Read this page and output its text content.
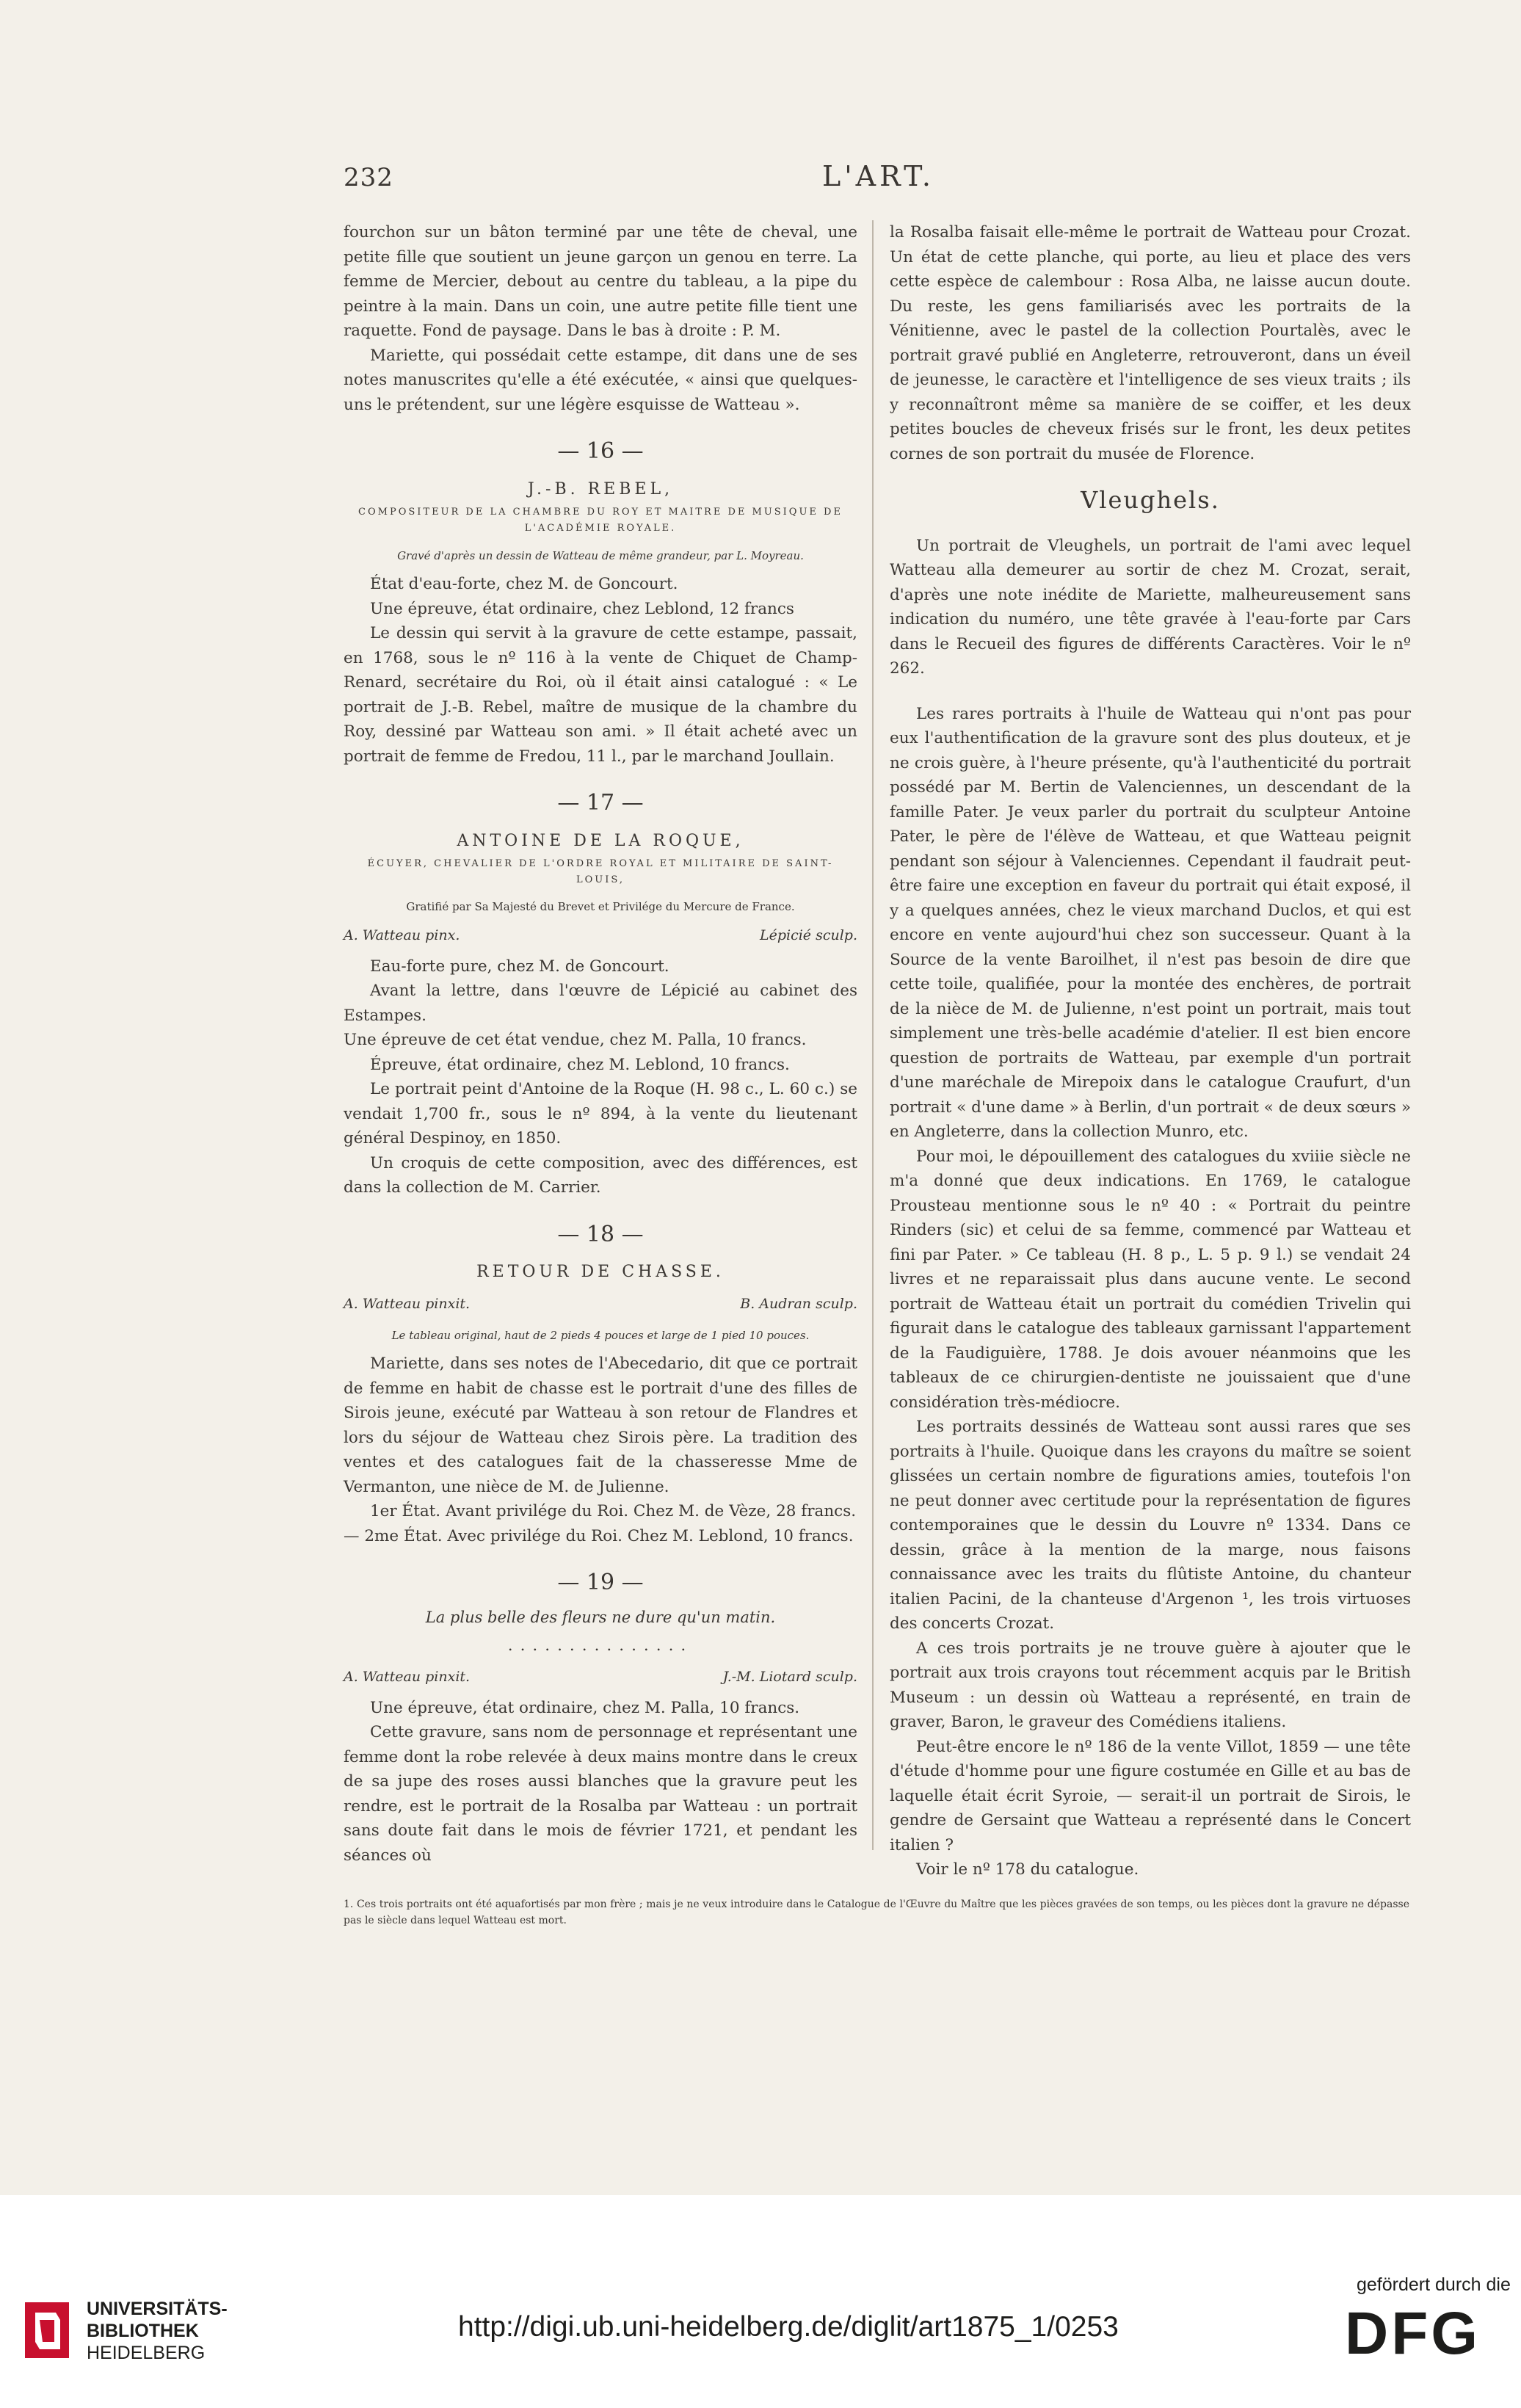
232	L'ART.

fourchon sur un bâton terminé par une tête de cheval, une petite fille que soutient un jeune garçon un genou en terre. La femme de Mercier, debout au centre du tableau, a la pipe du peintre à la main. Dans un coin, une autre petite fille tient une raquette. Fond de paysage. Dans le bas à droite : P. M.

Mariette, qui possédait cette estampe, dit dans une de ses notes manuscrites qu'elle a été exécutée, « ainsi que quelques-uns le prétendent, sur une légère esquisse de Watteau ».

— 16 —
J.-B. REBEL,
COMPOSITEUR DE LA CHAMBRE DU ROY ET MAITRE DE MUSIQUE DE L'ACADÉMIE ROYALE.
Gravé d'après un dessin de Watteau de même grandeur, par L. Moyreau.

État d'eau-forte, chez M. de Goncourt.

Une épreuve, état ordinaire, chez Leblond, 12 francs

Le dessin qui servit à la gravure de cette estampe, passait, en 1768, sous le nº 116 à la vente de Chiquet de Champ-Renard, secrétaire du Roi, où il était ainsi catalogué : « Le portrait de J.-B. Rebel, maître de musique de la chambre du Roy, dessiné par Watteau son ami. » Il était acheté avec un portrait de femme de Fredou, 11 l., par le marchand Joullain.

— 17 —
ANTOINE DE LA ROQUE,
ÉCUYER, CHEVALIER DE L'ORDRE ROYAL ET MILITAIRE DE SAINT-LOUIS,
Gratifié par Sa Majesté du Brevet et Privilége du Mercure de France.
A. Watteau pinx.	Lépicié sculp.

Eau-forte pure, chez M. de Goncourt.

Avant la lettre, dans l'œuvre de Lépicié au cabinet des Estampes.

Une épreuve de cet état vendue, chez M. Palla, 10 francs.

Épreuve, état ordinaire, chez M. Leblond, 10 francs.

Le portrait peint d'Antoine de la Roque (H. 98 c., L. 60 c.) se vendait 1,700 fr., sous le nº 894, à la vente du lieutenant général Despinoy, en 1850.

Un croquis de cette composition, avec des différences, est dans la collection de M. Carrier.

— 18 —
RETOUR DE CHASSE.
A. Watteau pinxit.	B. Audran sculp.
Le tableau original, haut de 2 pieds 4 pouces et large de 1 pied 10 pouces.

Mariette, dans ses notes de l'Abecedario, dit que ce portrait de femme en habit de chasse est le portrait d'une des filles de Sirois jeune, exécuté par Watteau à son retour de Flandres et lors du séjour de Watteau chez Sirois père. La tradition des ventes et des catalogues fait de la chasseresse Mme de Vermanton, une nièce de M. de Julienne.

1er État. Avant privilége du Roi. Chez M. de Vèze, 28 francs.

— 2me État. Avec privilége du Roi. Chez M. Leblond, 10 francs.

— 19 —
La plus belle des fleurs ne dure qu'un matin.
...............
A. Watteau pinxit.	J.-M. Liotard sculp.

Une épreuve, état ordinaire, chez M. Palla, 10 francs.

Cette gravure, sans nom de personnage et représentant une femme dont la robe relevée à deux mains montre dans le creux de sa jupe des roses aussi blanches que la gravure peut les rendre, est le portrait de la Rosalba par Watteau : un portrait sans doute fait dans le mois de février 1721, et pendant les séances où

la Rosalba faisait elle-même le portrait de Watteau pour Crozat. Un état de cette planche, qui porte, au lieu et place des vers cette espèce de calembour : Rosa Alba, ne laisse aucun doute. Du reste, les gens familiarisés avec les portraits de la Vénitienne, avec le pastel de la collection Pourtalès, avec le portrait gravé publié en Angleterre, retrouveront, dans un éveil de jeunesse, le caractère et l'intelligence de ses vieux traits ; ils y reconnaîtront même sa manière de se coiffer, et les deux petites boucles de cheveux frisés sur le front, les deux petites cornes de son portrait du musée de Florence.

Vleughels.

Un portrait de Vleughels, un portrait de l'ami avec lequel Watteau alla demeurer au sortir de chez M. Crozat, serait, d'après une note inédite de Mariette, malheureusement sans indication du numéro, une tête gravée à l'eau-forte par Cars dans le Recueil des figures de différents Caractères. Voir le nº 262.

Les rares portraits à l'huile de Watteau qui n'ont pas pour eux l'authentification de la gravure sont des plus douteux, et je ne crois guère, à l'heure présente, qu'à l'authenticité du portrait possédé par M. Bertin de Valenciennes, un descendant de la famille Pater. Je veux parler du portrait du sculpteur Antoine Pater, le père de l'élève de Watteau, et que Watteau peignit pendant son séjour à Valenciennes. Cependant il faudrait peut-être faire une exception en faveur du portrait qui était exposé, il y a quelques années, chez le vieux marchand Duclos, et qui est encore en vente aujourd'hui chez son successeur. Quant à la Source de la vente Baroilhet, il n'est pas besoin de dire que cette toile, qualifiée, pour la montée des enchères, de portrait de la nièce de M. de Julienne, n'est point un portrait, mais tout simplement une très-belle académie d'atelier. Il est bien encore question de portraits de Watteau, par exemple d'un portrait d'une maréchale de Mirepoix dans le catalogue Craufurt, d'un portrait « d'une dame » à Berlin, d'un portrait « de deux sœurs » en Angleterre, dans la collection Munro, etc.

Pour moi, le dépouillement des catalogues du xviiie siècle ne m'a donné que deux indications. En 1769, le catalogue Prousteau mentionne sous le nº 40 : « Portrait du peintre Rinders (sic) et celui de sa femme, commencé par Watteau et fini par Pater. » Ce tableau (H. 8 p., L. 5 p. 9 l.) se vendait 24 livres et ne reparaissait plus dans aucune vente. Le second portrait de Watteau était un portrait du comédien Trivelin qui figurait dans le catalogue des tableaux garnissant l'appartement de la Faudiguière, 1788. Je dois avouer néanmoins que les tableaux de ce chirurgien-dentiste ne jouissaient que d'une considération très-médiocre.

Les portraits dessinés de Watteau sont aussi rares que ses portraits à l'huile. Quoique dans les crayons du maître se soient glissées un certain nombre de figurations amies, toutefois l'on ne peut donner avec certitude pour la représentation de figures contemporaines que le dessin du Louvre nº 1334. Dans ce dessin, grâce à la mention de la marge, nous faisons connaissance avec les traits du flûtiste Antoine, du chanteur italien Pacini, de la chanteuse d'Argenon ¹, les trois virtuoses des concerts Crozat.

A ces trois portraits je ne trouve guère à ajouter que le portrait aux trois crayons tout récemment acquis par le British Museum : un dessin où Watteau a représenté, en train de graver, Baron, le graveur des Comédiens italiens.

Peut-être encore le nº 186 de la vente Villot, 1859 — une tête d'étude d'homme pour une figure costumée en Gille et au bas de laquelle était écrit Syroie, — serait-il un portrait de Sirois, le gendre de Gersaint que Watteau a représenté dans le Concert italien ?

Voir le nº 178 du catalogue.

1. Ces trois portraits ont été aquafortisés par mon frère ; mais je ne veux introduire dans le Catalogue de l'Œuvre du Maître que les pièces gravées de son temps, ou les pièces dont la gravure ne dépasse pas le siècle dans lequel Watteau est mort.
UNIVERSITÄTS-
BIBLIOTHEK
HEIDELBERG
http://digi.ub.uni-heidelberg.de/diglit/art1875_1/0253
gefördert durch die
DFG
